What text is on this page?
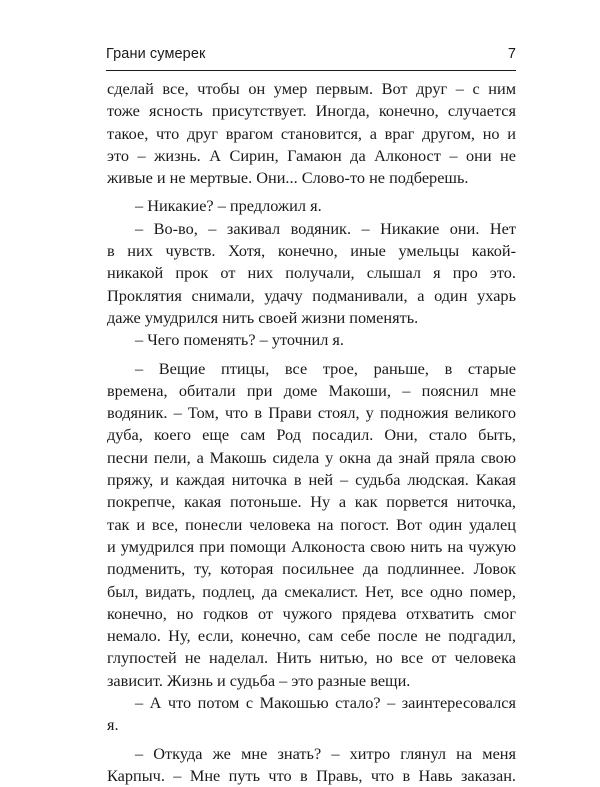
Грани сумерек	7
сделай все, чтобы он умер первым. Вот друг – с ним
тоже ясность присутствует. Иногда, конечно, случается
такое, что друг врагом становится, а враг другом, но и
это – жизнь. А Сирин, Гамаюн да Алконост – они не
живые и не мертвые. Они... Слово-то не подберешь.
– Никакие? – предложил я.
– Во-во, – закивал водяник. – Никакие они. Нет
в них чувств. Хотя, конечно, иные умельцы какой-
никакой прок от них получали, слышал я про это.
Проклятия снимали, удачу подманивали, а один ухарь
даже умудрился нить своей жизни поменять.
– Чего поменять? – уточнил я.
– Вещие птицы, все трое, раньше, в старые
времена, обитали при доме Макоши, – пояснил мне
водяник. – Том, что в Прави стоял, у подножия великого
дуба, коего еще сам Род посадил. Они, стало быть,
песни пели, а Макошь сидела у окна да знай пряла свою
пряжу, и каждая ниточка в ней – судьба людская. Какая
покрепче, какая потоньше. Ну а как порвется ниточка,
так и все, понесли человека на погост. Вот один удалец
и умудрился при помощи Алконоста свою нить на чужую
подменить, ту, которая посильнее да подлиннее. Ловок
был, видать, подлец, да смекалист. Нет, все одно помер,
конечно, но годков от чужого прядева отхватить смог
немало. Ну, если, конечно, сам себе после не подгадил,
глупостей не наделал. Нить нитью, но все от человека
зависит. Жизнь и судьба – это разные вещи.
– А что потом с Макошью стало? – заинтересовался
я.
– Откуда же мне знать? – хитро глянул на меня
Карпыч. – Мне путь что в Правь, что в Навь заказан.
